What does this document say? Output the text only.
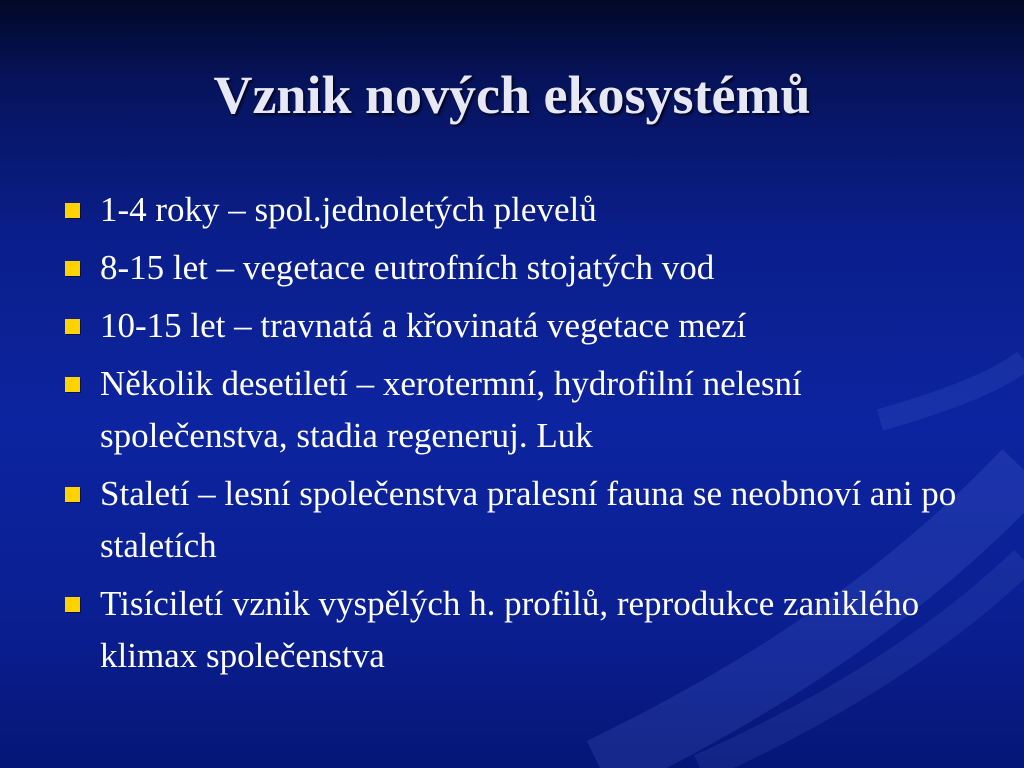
Vznik nových ekosystémů
1-4 roky – spol.jednoletých plevelů
8-15 let – vegetace eutrofních stojatých vod
10-15 let – travnatá a křovinatá vegetace mezí
Několik desetiletí – xerotermní, hydrofilní nelesní společenstva, stadia regeneruj. Luk
Staletí – lesní společenstva pralesní fauna se neobnoví ani po staletích
Tisíciletí vznik vyspělých h. profilů, reprodukce zaniklého klimax společenstva
